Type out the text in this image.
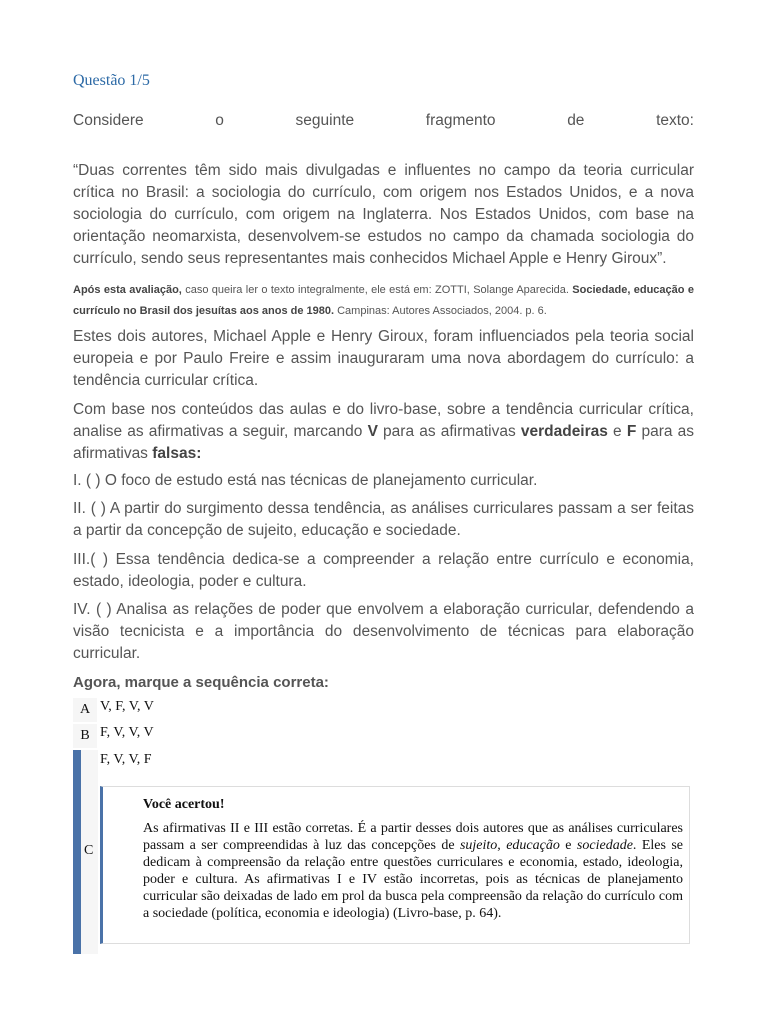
Questão 1/5
Considere	o	seguinte	fragmento	de	texto:
“Duas correntes têm sido mais divulgadas e influentes no campo da teoria curricular crítica no Brasil: a sociologia do currículo, com origem nos Estados Unidos, e a nova sociologia do currículo, com origem na Inglaterra. Nos Estados Unidos, com base na orientação neomarxista, desenvolvem-se estudos no campo da chamada sociologia do currículo, sendo seus representantes mais conhecidos Michael Apple e Henry Giroux”.
Após esta avaliação, caso queira ler o texto integralmente, ele está em: ZOTTI, Solange Aparecida. Sociedade, educação e currículo no Brasil dos jesuítas aos anos de 1980. Campinas: Autores Associados, 2004. p. 6.
Estes dois autores, Michael Apple e Henry Giroux, foram influenciados pela teoria social europeia e por Paulo Freire e assim inauguraram uma nova abordagem do currículo: a tendência curricular crítica.
Com base nos conteúdos das aulas e do livro-base, sobre a tendência curricular crítica, analise as afirmativas a seguir, marcando V para as afirmativas verdadeiras e F para as afirmativas falsas:
I. ( ) O foco de estudo está nas técnicas de planejamento curricular.
II. ( ) A partir do surgimento dessa tendência, as análises curriculares passam a ser feitas a partir da concepção de sujeito, educação e sociedade.
III.( ) Essa tendência dedica-se a compreender a relação entre currículo e economia, estado, ideologia, poder e cultura.
IV. ( ) Analisa as relações de poder que envolvem a elaboração curricular, defendendo a visão tecnicista e a importância do desenvolvimento de técnicas para elaboração curricular.
Agora, marque a sequência correta:
A V, F, V, V
B F, V, V, V
C
F, V, V, F
Você acertou!
As afirmativas II e III estão corretas. É a partir desses dois autores que as análises curriculares passam a ser compreendidas à luz das concepções de sujeito, educação e sociedade. Eles se dedicam à compreensão da relação entre questões curriculares e economia, estado, ideologia, poder e cultura. As afirmativas I e IV estão incorretas, pois as técnicas de planejamento curricular são deixadas de lado em prol da busca pela compreensão da relação do currículo com a sociedade (política, economia e ideologia) (Livro-base, p. 64).
